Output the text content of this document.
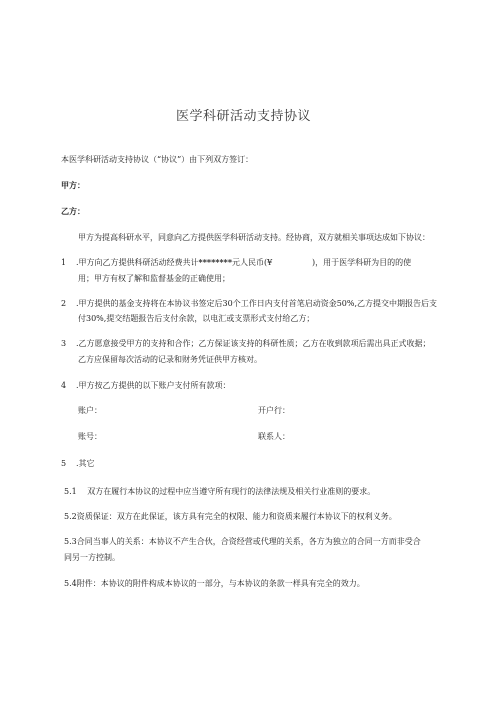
医学科研活动支持协议
本医学科研活动支持协议（“协议”）由下列双方签订：
甲方：
乙方：
甲方为提高科研水平，同意向乙方提供医学科研活动支持。经协商，双方就相关事项达成如下协议：
1 .甲方向乙方提供科研活动经费共计********元人民币(¥	)，用于医学科研为目的的使
用；甲方有权了解和监督基金的正确使用；
2 .甲方提供的基金支持将在本协议书签定后30个工作日内支付首笔启动资金50%,乙方提交中期报告后支
付30%,提交结题报告后支付余款，以电汇或支票形式支付给乙方；
3 .乙方愿意接受甲方的支持和合作；乙方保证该支持的科研性质；乙方在收到款项后需出具正式收据；
乙方应保留每次活动的记录和财务凭证供甲方核对。
4 .甲方按乙方提供的以下账户支付所有款项：
账户：	开户行：
账号：	联系人：
5 .其它
5.1　 双方在履行本协议的过程中应当遵守所有现行的法律法规及相关行业准则的要求。
5.2资质保证：双方在此保证，该方具有完全的权限、能力和资质来履行本协议下的权利义务。
5.3合同当事人的关系：本协议不产生合伙，合资经营或代理的关系，各方为独立的合同一方而非受合
同另一方控制。
5.4附件：本协议的附件构成本协议的一部分，与本协议的条款一样具有完全的效力。
